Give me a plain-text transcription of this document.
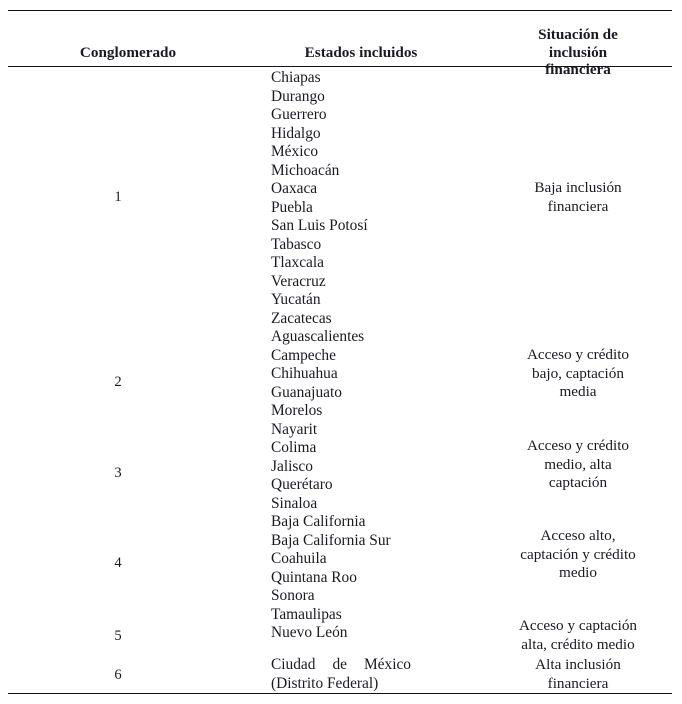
Conglomerado	Estados incluidos
Situación de
inclusión
financiera
1
2
3
4
5
6
Chiapas
Durango
Guerrero
Hidalgo
México
Michoacán
Oaxaca
Puebla
San Luis Potosí
Tabasco
Tlaxcala
Veracruz
Yucatán
Zacatecas
Aguascalientes
Campeche
Chihuahua
Guanajuato
Morelos
Nayarit
Colima
Jalisco
Querétaro
Sinaloa
Baja California
Baja California Sur
Coahuila
Quintana Roo
Sonora
Tamaulipas
Nuevo León
Ciudad de México
(Distrito Federal)
Baja inclusión
financiera
Acceso y crédito
bajo, captación
media
Acceso y crédito
medio, alta
captación
Acceso alto,
captación y crédito
medio
Acceso y captación
alta, crédito medio
Alta inclusión
financiera
